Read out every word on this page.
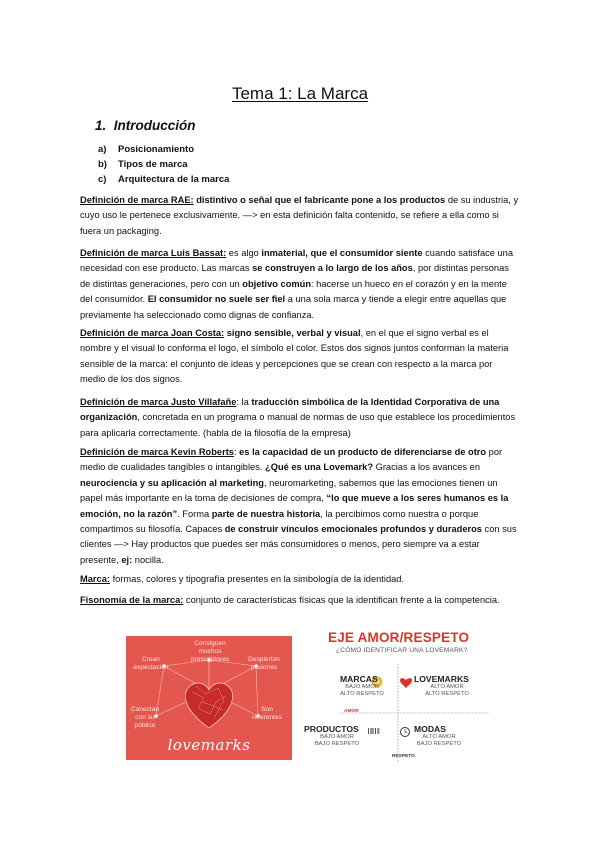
Tema 1: La Marca
1. Introducción
a) Posicionamiento
b) Tipos de marca
c) Arquitectura de la marca
Definición de marca RAE: distintivo o señal que el fabricante pone a los productos de su industria, y cuyo uso le pertenece exclusivamente. —> en esta definición falta contenido, se refiere a ella como si fuera un packaging.
Definición de marca Luis Bassat: es algo inmaterial, que el consumidor siente cuando satisface una necesidad con ese producto. Las marcas se construyen a lo largo de los años, por distintas personas de distintas generaciones, pero con un objetivo común: hacerse un hueco en el corazón y en la mente del consumidor. El consumidor no suele ser fiel a una sola marca y tiende a elegir entre aquellas que previamente ha seleccionado como dignas de confianza.
Definición de marca Joan Costa: signo sensible, verbal y visual, en el que el signo verbal es el nombre y el visual lo conforma el logo, el símbolo el color. Estos dos signos juntos conforman la materia sensible de la marca: el conjunto de ideas y percepciones que se crean con respecto a la marca por medio de los dos signos.
Definición de marca Justo Villafañe: la traducción simbólica de la Identidad Corporativa de una organización, concretada en un programa o manual de normas de uso que establece los procedimientos para aplicarla correctamente. (habla de la filosofía de la empresa)
Definición de marca Kevin Roberts: es la capacidad de un producto de diferenciarse de otro por medio de cualidades tangibles o intangibles. ¿Qué es una Lovemark? Gracias a los avances en neurociencia y su aplicación al marketing, neuromarketing, sabemos que las emociones tienen un papel más importante en la toma de decisiones de compra, “lo que mueve a los seres humanos es la emoción, no la razón”. Forma parte de nuestra historia, la percibimos como nuestra o porque compartimos su filosofía. Capaces de construir vínculos emocionales profundos y duraderos con sus clientes —> Hay productos que puedes ser más consumidores o menos, pero siempre va a estar presente, ej: nocilla.
Marca: formas, colores y tipografía presentes en la simbología de la identidad.
Fisonomía de la marca: conjunto de características físicas que la identifican frente a la competencia.
Crean expectación
Consiguen muchos prescriptores	Despiertan pasiones
Conectan con su público
Son referentes
lovemarks
EJE AMOR/RESPETO
¿CÓMO IDENTIFICAR UNA LOVEMARK?
MARCAS
BAJO AMOR
ALTO RESPETO
LOVEMARKS
ALTO AMOR
ALTO RESPETO
AMOR
PRODUCTOS
BAJO AMOR
BAJO RESPETO
MODAS
ALTO AMOR
BAJO RESPETO
RESPETO
